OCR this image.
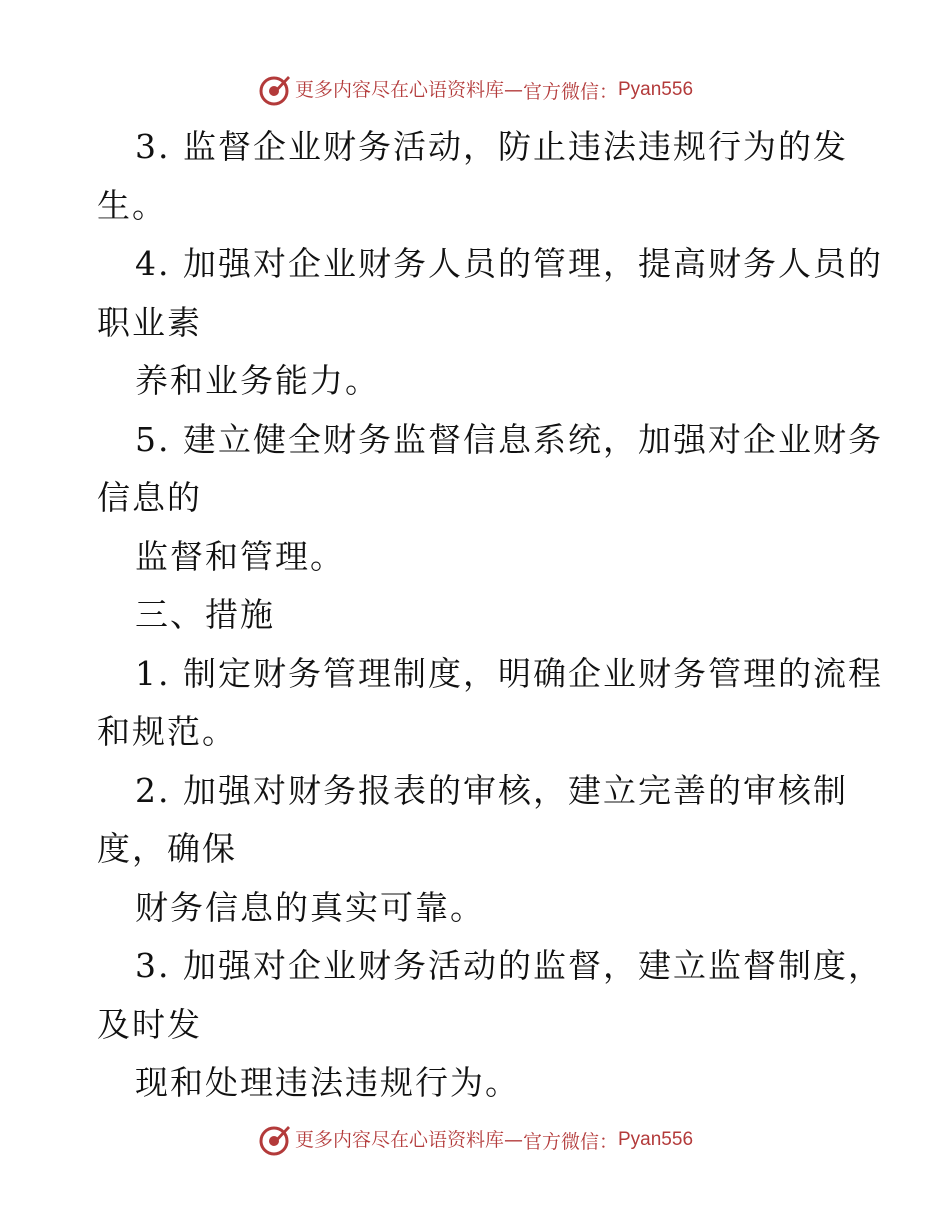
更多内容尽在心语资料库 — 官方微信： Pyan556
3. 监督企业财务活动，防止违法违规行为的发
生。
4. 加强对企业财务人员的管理，提高财务人员的
职业素
养和业务能力。
5. 建立健全财务监督信息系统，加强对企业财务
信息的
监督和管理。
三、措施
1. 制定财务管理制度，明确企业财务管理的流程
和规范。
2. 加强对财务报表的审核，建立完善的审核制
度，确保
财务信息的真实可靠。
3. 加强对企业财务活动的监督，建立监督制度，
及时发
现和处理违法违规行为。
更多内容尽在心语资料库 — 官方微信： Pyan556
